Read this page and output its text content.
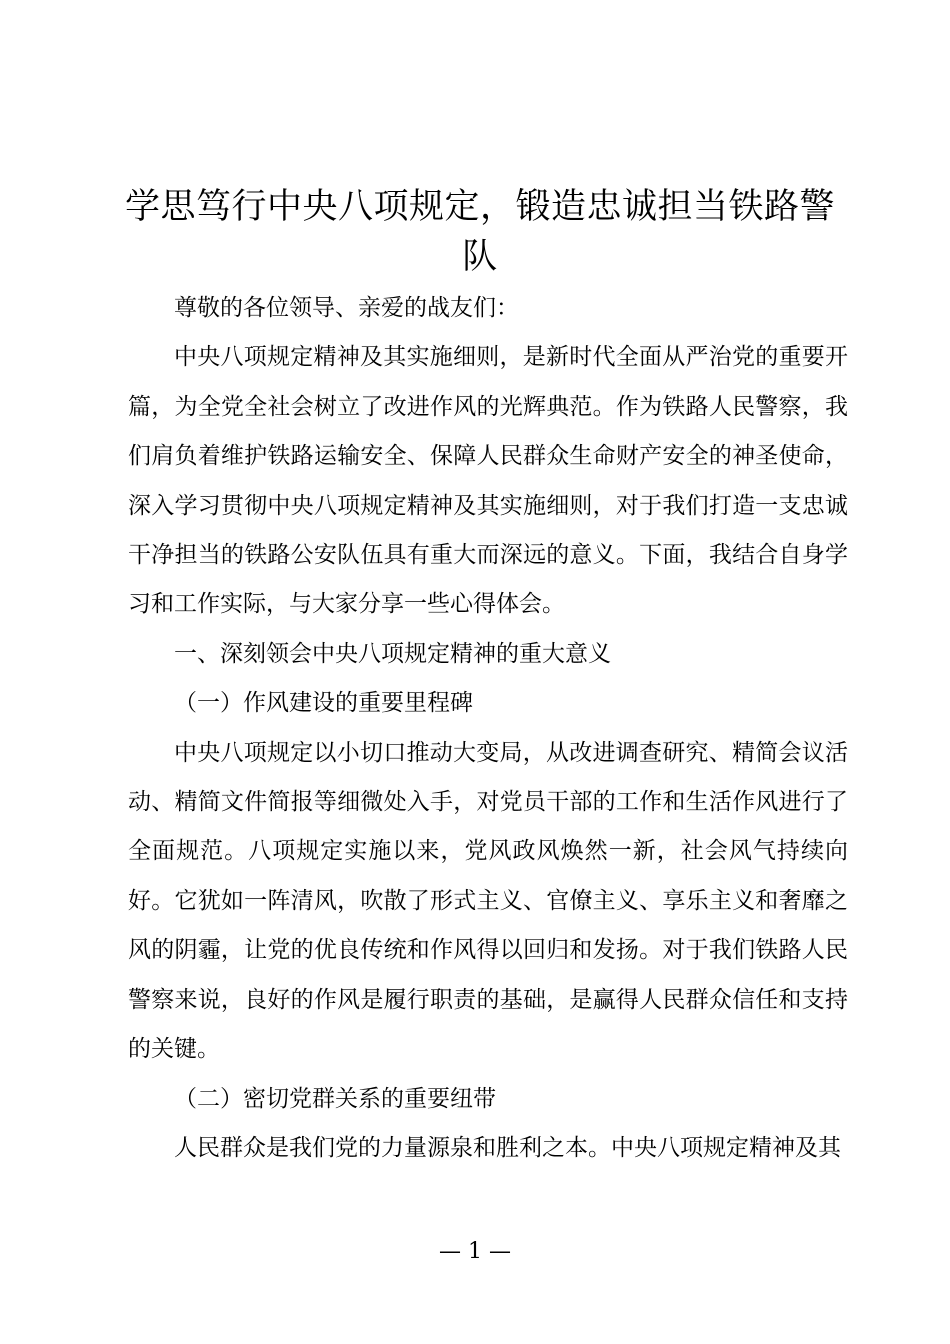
学思笃行中央八项规定，锻造忠诚担当铁路警队

尊敬的各位领导、亲爱的战友们：

中央八项规定精神及其实施细则，是新时代全面从严治党的重要开篇，为全党全社会树立了改进作风的光辉典范。作为铁路人民警察，我们肩负着维护铁路运输安全、保障人民群众生命财产安全的神圣使命，深入学习贯彻中央八项规定精神及其实施细则，对于我们打造一支忠诚干净担当的铁路公安队伍具有重大而深远的意义。下面，我结合自身学习和工作实际，与大家分享一些心得体会。

一、深刻领会中央八项规定精神的重大意义

（一）作风建设的重要里程碑

中央八项规定以小切口推动大变局，从改进调查研究、精简会议活动、精简文件简报等细微处入手，对党员干部的工作和生活作风进行了全面规范。八项规定实施以来，党风政风焕然一新，社会风气持续向好。它犹如一阵清风，吹散了形式主义、官僚主义、享乐主义和奢靡之风的阴霾，让党的优良传统和作风得以回归和发扬。对于我们铁路人民警察来说，良好的作风是履行职责的基础，是赢得人民群众信任和支持的关键。

（二）密切党群关系的重要纽带

人民群众是我们党的力量源泉和胜利之本。中央八项规定精神及其

— 1 —
